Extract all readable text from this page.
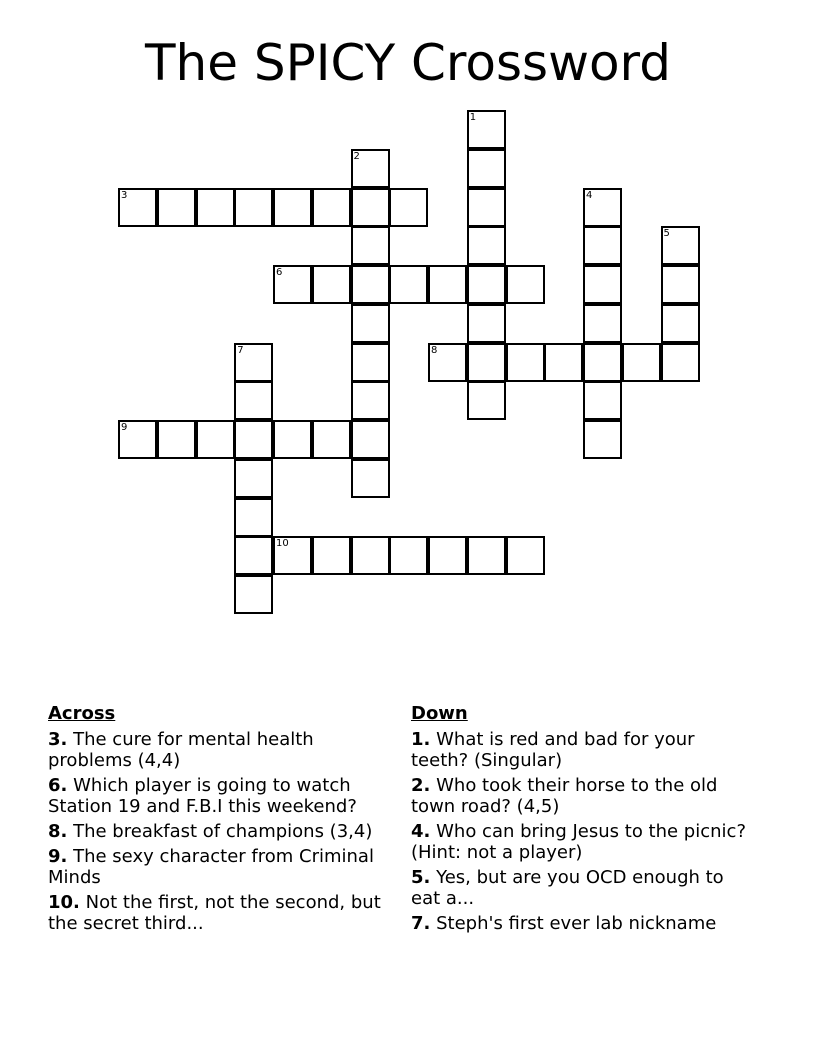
The SPICY Crossword
1
2
3	4
5
6
7	8
9
10
Across
3. The cure for mental health problems (4,4)
6. Which player is going to watch Station 19 and F.B.I this weekend?
8. The breakfast of champions (3,4)
9. The sexy character from Criminal Minds
10. Not the first, not the second, but the secret third...
Down
1. What is red and bad for your teeth? (Singular)
2. Who took their horse to the old town road? (4,5)
4. Who can bring Jesus to the picnic? (Hint: not a player)
5. Yes, but are you OCD enough to eat a...
7. Steph's first ever lab nickname
